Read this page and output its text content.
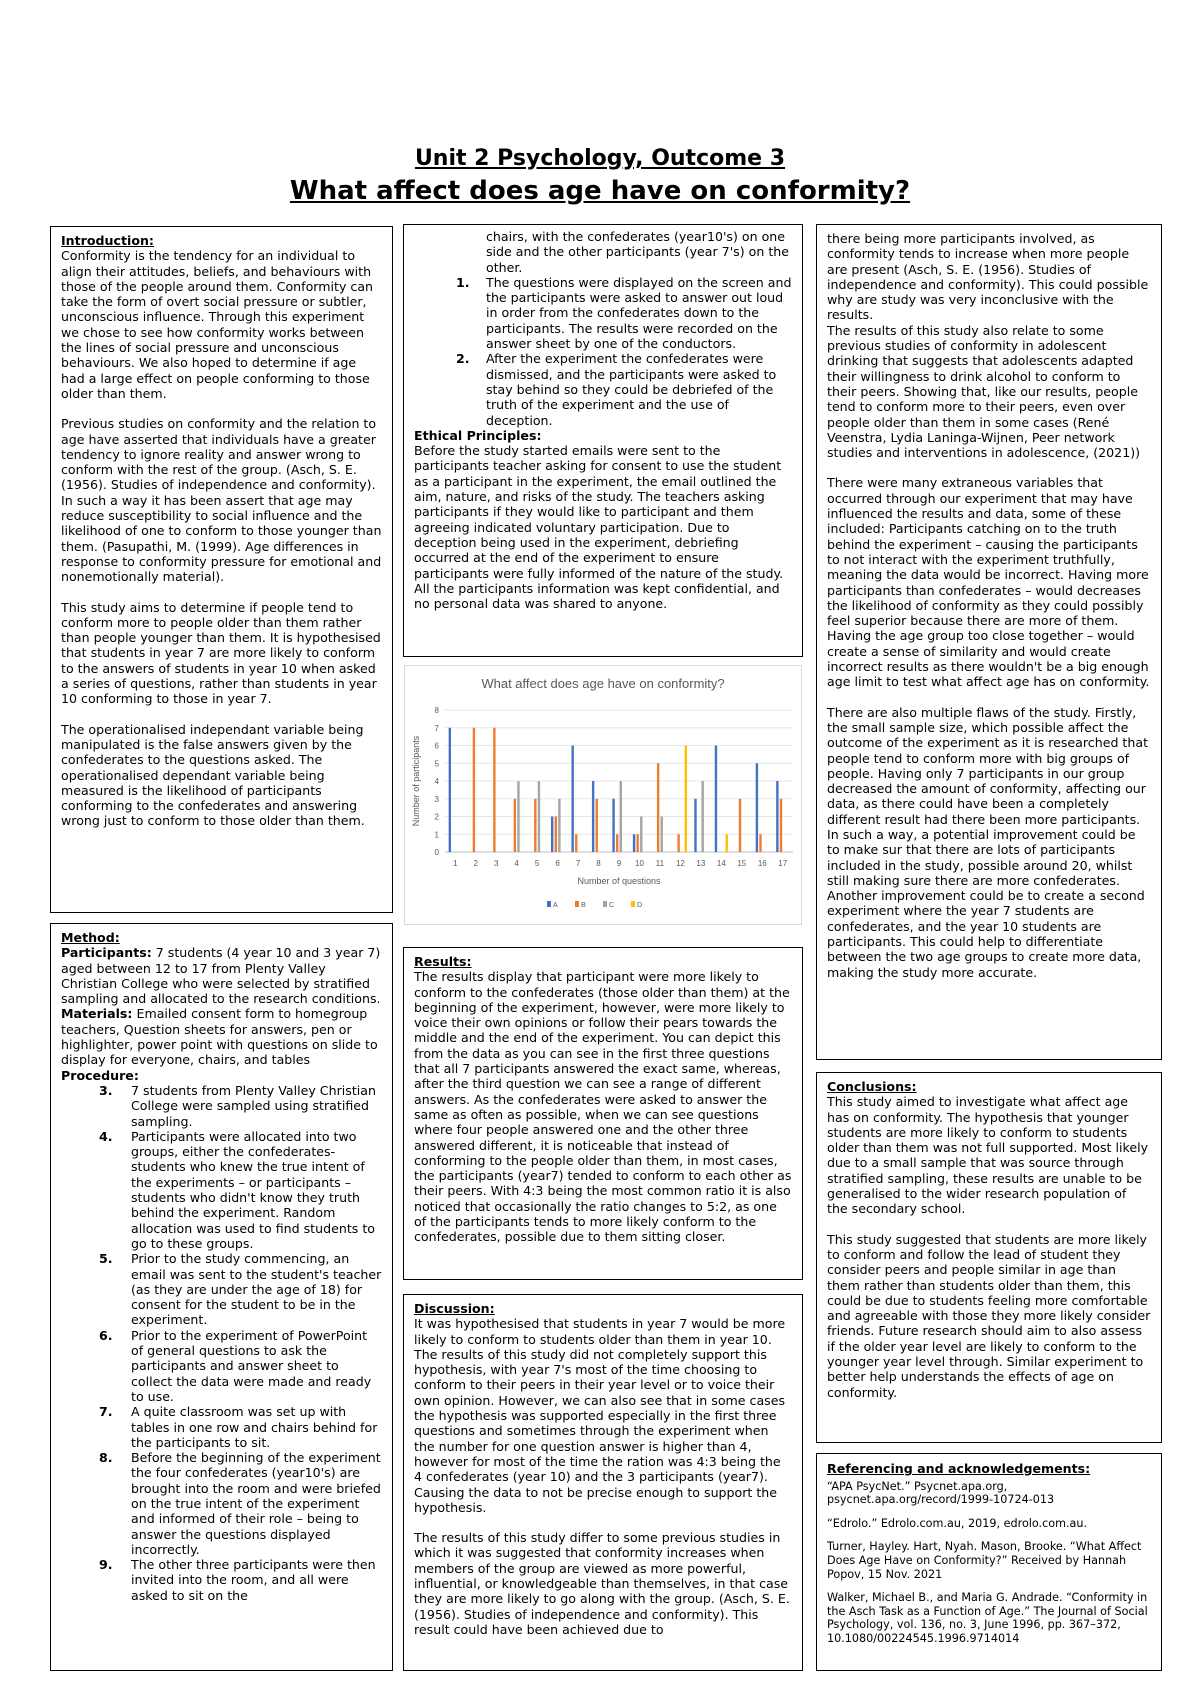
Unit 2 Psychology, Outcome 3
What affect does age have on conformity?

Introduction:

Conformity is the tendency for an individual to align their attitudes, beliefs, and behaviours with those of the people around them. Conformity can take the form of overt social pressure or subtler, unconscious influence. Through this experiment we chose to see how conformity works between the lines of social pressure and unconscious behaviours. We also hoped to determine if age had a large effect on people conforming to those older than them.

Previous studies on conformity and the relation to age have asserted that individuals have a greater tendency to ignore reality and answer wrong to conform with the rest of the group. (Asch, S. E. (1956). Studies of independence and conformity). In such a way it has been assert that age may reduce susceptibility to social influence and the likelihood of one to conform to those younger than them. (Pasupathi, M. (1999). Age differences in response to conformity pressure for emotional and nonemotionally material).

This study aims to determine if people tend to conform more to people older than them rather than people younger than them. It is hypothesised that students in year 7 are more likely to conform to the answers of students in year 10 when asked a series of questions, rather than students in year 10 conforming to those in year 7.

The operationalised independant variable being manipulated is the false answers given by the confederates to the questions asked. The operationalised dependant variable being measured is the likelihood of participants conforming to the confederates and answering wrong just to conform to those older than them.

Method:

Participants: 7 students (4 year 10 and 3 year 7) aged between 12 to 17 from Plenty Valley Christian College who were selected by stratified sampling and allocated to the research conditions.

Materials: Emailed consent form to homegroup teachers, Question sheets for answers, pen or highlighter, power point with questions on slide to display for everyone, chairs, and tables

Procedure:

3. 7 students from Plenty Valley Christian College were sampled using stratified sampling.
4. Participants were allocated into two groups, either the confederates- students who knew the true intent of the experiments – or participants – students who didn't know they truth behind the experiment. Random allocation was used to find students to go to these groups.
5. Prior to the study commencing, an email was sent to the student's teacher (as they are under the age of 18) for consent for the student to be in the experiment.
6. Prior to the experiment of PowerPoint of general questions to ask the participants and answer sheet to collect the data were made and ready to use.
7. A quite classroom was set up with tables in one row and chairs behind for the participants to sit.
8. Before the beginning of the experiment the four confederates (year10's) are brought into the room and were briefed on the true intent of the experiment and informed of their role – being to answer the questions displayed incorrectly.
9. The other three participants were then invited into the room, and all were asked to sit on the

chairs, with the confederates (year10's) on one side and the other participants (year 7's) on the other.

1. The questions were displayed on the screen and the participants were asked to answer out loud in order from the confederates down to the participants. The results were recorded on the answer sheet by one of the conductors.
2. After the experiment the confederates were dismissed, and the participants were asked to stay behind so they could be debriefed of the truth of the experiment and the use of deception.

Ethical Principles:

Before the study started emails were sent to the participants teacher asking for consent to use the student as a participant in the experiment, the email outlined the aim, nature, and risks of the study. The teachers asking participants if they would like to participant and them agreeing indicated voluntary participation. Due to deception being used in the experiment, debriefing occurred at the end of the experiment to ensure participants were fully informed of the nature of the study. All the participants information was kept confidential, and no personal data was shared to anyone.

What affect does age have on conformity?
0
1
2
3
4
5
6
7
8
Number of participants
1 2 3 4 5 6 7 8 9 10 11 12 13 14 15 16 17
Number of questions
A	B	C	D

Results:

The results display that participant were more likely to conform to the confederates (those older than them) at the beginning of the experiment, however, were more likely to voice their own opinions or follow their pears towards the middle and the end of the experiment. You can depict this from the data as you can see in the first three questions that all 7 participants answered the exact same, whereas, after the third question we can see a range of different answers. As the confederates were asked to answer the same as often as possible, when we can see questions where four people answered one and the other three answered different, it is noticeable that instead of conforming to the people older than them, in most cases, the participants (year7) tended to conform to each other as their peers. With 4:3 being the most common ratio it is also noticed that occasionally the ratio changes to 5:2, as one of the participants tends to more likely conform to the confederates, possible due to them sitting closer.

Discussion:

It was hypothesised that students in year 7 would be more likely to conform to students older than them in year 10. The results of this study did not completely support this hypothesis, with year 7's most of the time choosing to conform to their peers in their year level or to voice their own opinion. However, we can also see that in some cases the hypothesis was supported especially in the first three questions and sometimes through the experiment when the number for one question answer is higher than 4, however for most of the time the ration was 4:3 being the 4 confederates (year 10) and the 3 participants (year7). Causing the data to not be precise enough to support the hypothesis.

The results of this study differ to some previous studies in which it was suggested that conformity increases when members of the group are viewed as more powerful, influential, or knowledgeable than themselves, in that case they are more likely to go along with the group. (Asch, S. E. (1956). Studies of independence and conformity). This result could have been achieved due to

there being more participants involved, as conformity tends to increase when more people are present (Asch, S. E. (1956). Studies of independence and conformity). This could possible why are study was very inconclusive with the results.

The results of this study also relate to some previous studies of conformity in adolescent drinking that suggests that adolescents adapted their willingness to drink alcohol to conform to their peers. Showing that, like our results, people tend to conform more to their peers, even over people older than them in some cases (René Veenstra, Lydia Laninga-Wijnen, Peer network studies and interventions in adolescence, (2021))

There were many extraneous variables that occurred through our experiment that may have influenced the results and data, some of these included: Participants catching on to the truth behind the experiment – causing the participants to not interact with the experiment truthfully, meaning the data would be incorrect. Having more participants than confederates – would decreases the likelihood of conformity as they could possibly feel superior because there are more of them. Having the age group too close together – would create a sense of similarity and would create incorrect results as there wouldn't be a big enough age limit to test what affect age has on conformity.

There are also multiple flaws of the study. Firstly, the small sample size, which possible affect the outcome of the experiment as it is researched that people tend to conform more with big groups of people. Having only 7 participants in our group decreased the amount of conformity, affecting our data, as there could have been a completely different result had there been more participants. In such a way, a potential improvement could be to make sur that there are lots of participants included in the study, possible around 20, whilst still making sure there are more confederates. Another improvement could be to create a second experiment where the year 7 students are confederates, and the year 10 students are participants. This could help to differentiate between the two age groups to create more data, making the study more accurate.

Conclusions:

This study aimed to investigate what affect age has on conformity. The hypothesis that younger students are more likely to conform to students older than them was not full supported. Most likely due to a small sample that was source through stratified sampling, these results are unable to be generalised to the wider research population of the secondary school.

This study suggested that students are more likely to conform and follow the lead of student they consider peers and people similar in age than them rather than students older than them, this could be due to students feeling more comfortable and agreeable with those they more likely consider friends. Future research should aim to also assess if the older year level are likely to conform to the younger year level through. Similar experiment to better help understands the effects of age on conformity.

Referencing and acknowledgements:

“APA PsycNet.” Psycnet.apa.org, psycnet.apa.org/record/1999-10724-013

“Edrolo.” Edrolo.com.au, 2019, edrolo.com.au.

Turner, Hayley. Hart, Nyah. Mason, Brooke. “What Affect Does Age Have on Conformity?” Received by Hannah Popov, 15 Nov. 2021

Walker, Michael B., and Maria G. Andrade. “Conformity in the Asch Task as a Function of Age.” The Journal of Social Psychology, vol. 136, no. 3, June 1996, pp. 367–372, 10.1080/00224545.1996.9714014
